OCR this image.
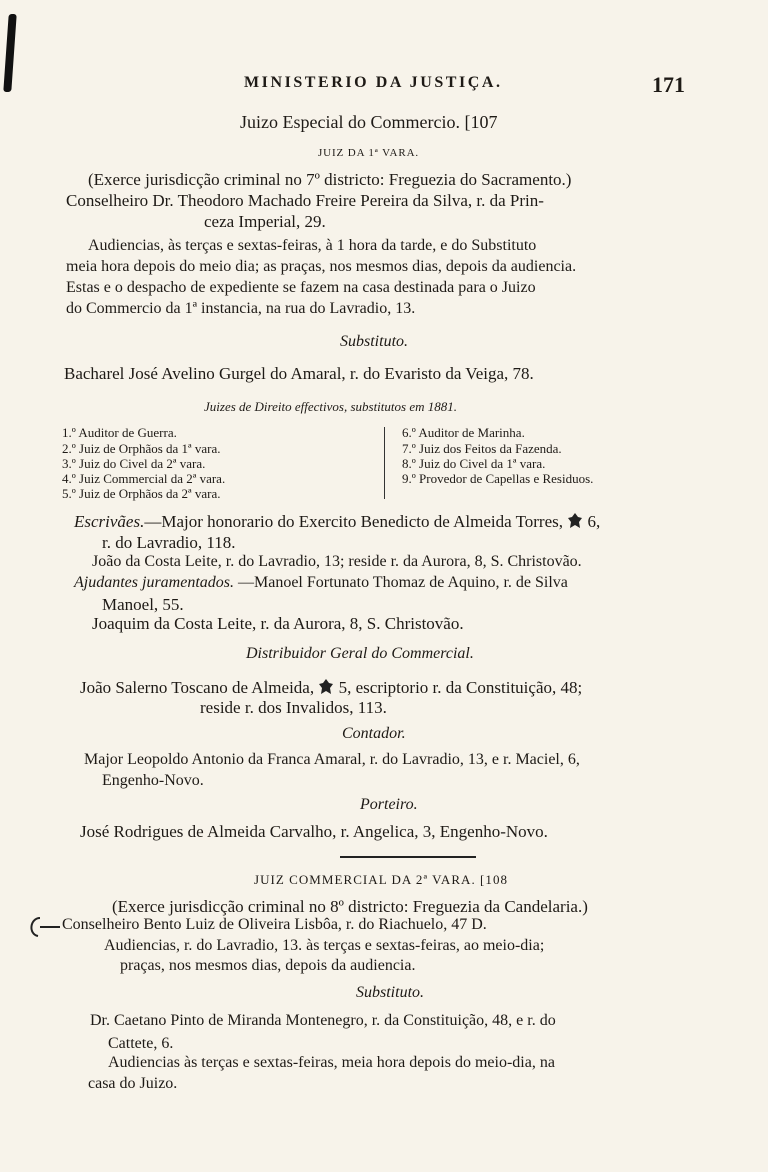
MINISTERIO DA JUSTIÇA.	171
Juizo Especial do Commercio. [107
JUIZ DA 1ª VARA.
(Exerce jurisdicção criminal no 7º districto: Freguezia do Sacramento.)
Conselheiro Dr. Theodoro Machado Freire Pereira da Silva, r. da Prin-
ceza Imperial, 29.
Audiencias, às terças e sextas-feiras, à 1 hora da tarde, e do Substituto
meia hora depois do meio dia; as praças, nos mesmos dias, depois da audiencia.
Estas e o despacho de expediente se fazem na casa destinada para o Juizo
do Commercio da 1ª instancia, na rua do Lavradio, 13.
Substituto.
Bacharel José Avelino Gurgel do Amaral, r. do Evaristo da Veiga, 78.
Juizes de Direito effectivos, substitutos em 1881.
1.º Auditor de Guerra.
2.º Juiz de Orphãos da 1ª vara.
3.º Juiz do Civel da 2ª vara.
4.º Juiz Commercial da 2ª vara.
5.º Juiz de Orphãos da 2ª vara.
6.º Auditor de Marinha.
7.º Juiz dos Feitos da Fazenda.
8.º Juiz do Civel da 1ª vara.
9.º Provedor de Capellas e Residuos.
Escrivães.—Major honorario do Exercito Benedicto de Almeida Torres, 6,
r. do Lavradio, 118.
João da Costa Leite, r. do Lavradio, 13; reside r. da Aurora, 8, S. Christovão.
Ajudantes juramentados. —Manoel Fortunato Thomaz de Aquino, r. de Silva
Manoel, 55.
Joaquim da Costa Leite, r. da Aurora, 8, S. Christovão.
Distribuidor Geral do Commercial.
João Salerno Toscano de Almeida, 5, escriptorio r. da Constituição, 48;
reside r. dos Invalidos, 113.
Contador.
Major Leopoldo Antonio da Franca Amaral, r. do Lavradio, 13, e r. Maciel, 6,
Engenho-Novo.
Porteiro.
José Rodrigues de Almeida Carvalho, r. Angelica, 3, Engenho-Novo.
JUIZ COMMERCIAL DA 2ª VARA. [108
(Exerce jurisdicção criminal no 8º districto: Freguezia da Candelaria.)
Conselheiro Bento Luiz de Oliveira Lisbôa, r. do Riachuelo, 47 D.
Audiencias, r. do Lavradio, 13. às terças e sextas-feiras, ao meio-dia;
praças, nos mesmos dias, depois da audiencia.
Substituto.
Dr. Caetano Pinto de Miranda Montenegro, r. da Constituição, 48, e r. do
Cattete, 6.
Audiencias às terças e sextas-feiras, meia hora depois do meio-dia, na
casa do Juizo.
